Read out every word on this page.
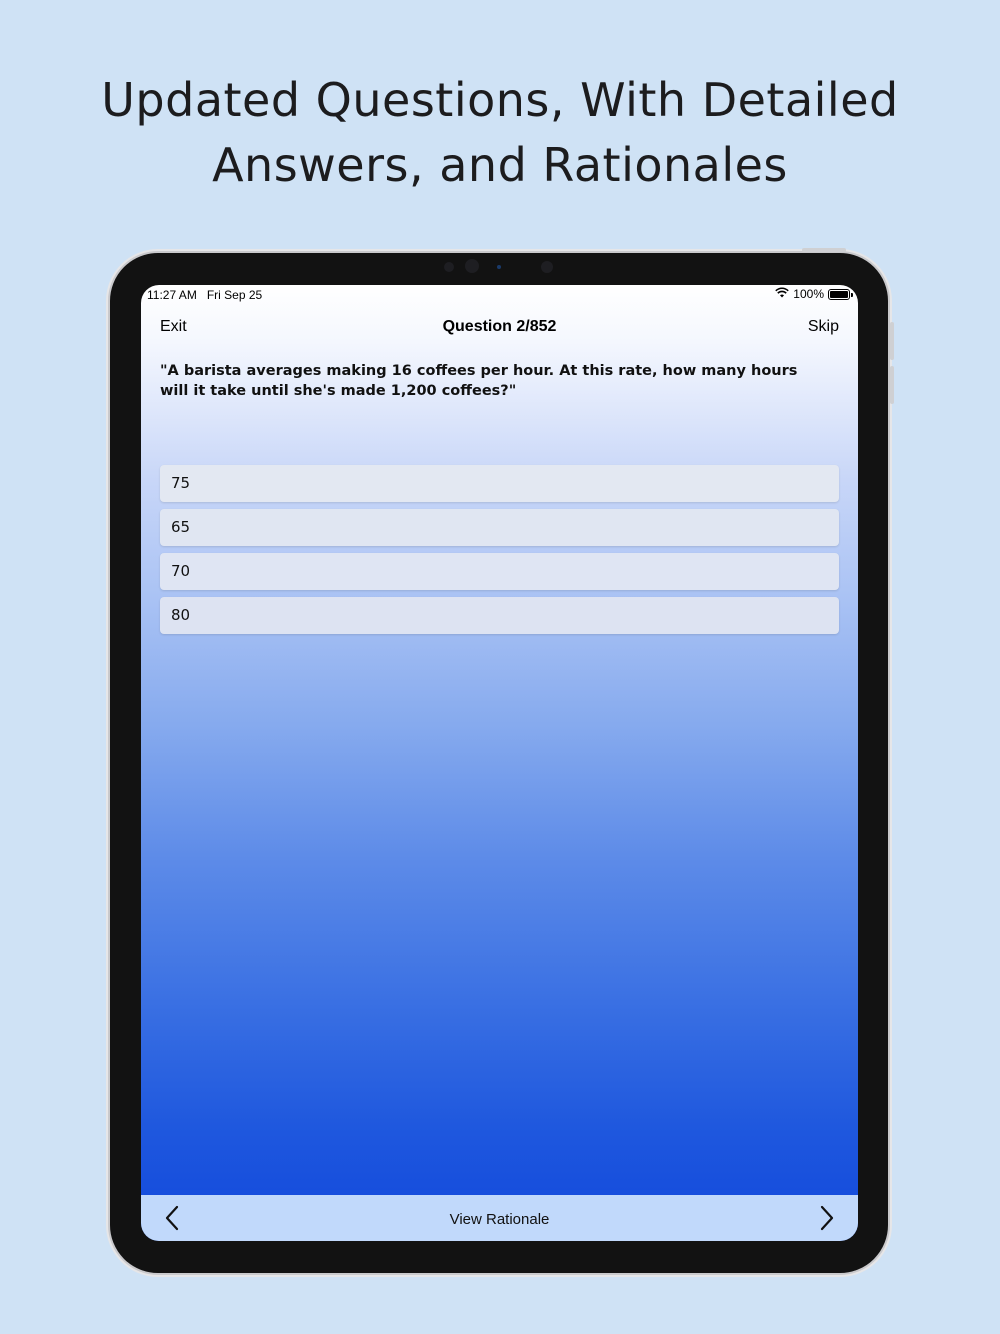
Updated Questions, With Detailed
Answers, and Rationales
11:27 AM Fri Sep 25	100%
Exit	Question 2/852	Skip
"A barista averages making 16 coffees per hour. At this rate, how many hours will it take until she's made 1,200 coffees?"
75
65
70
80
View Rationale
